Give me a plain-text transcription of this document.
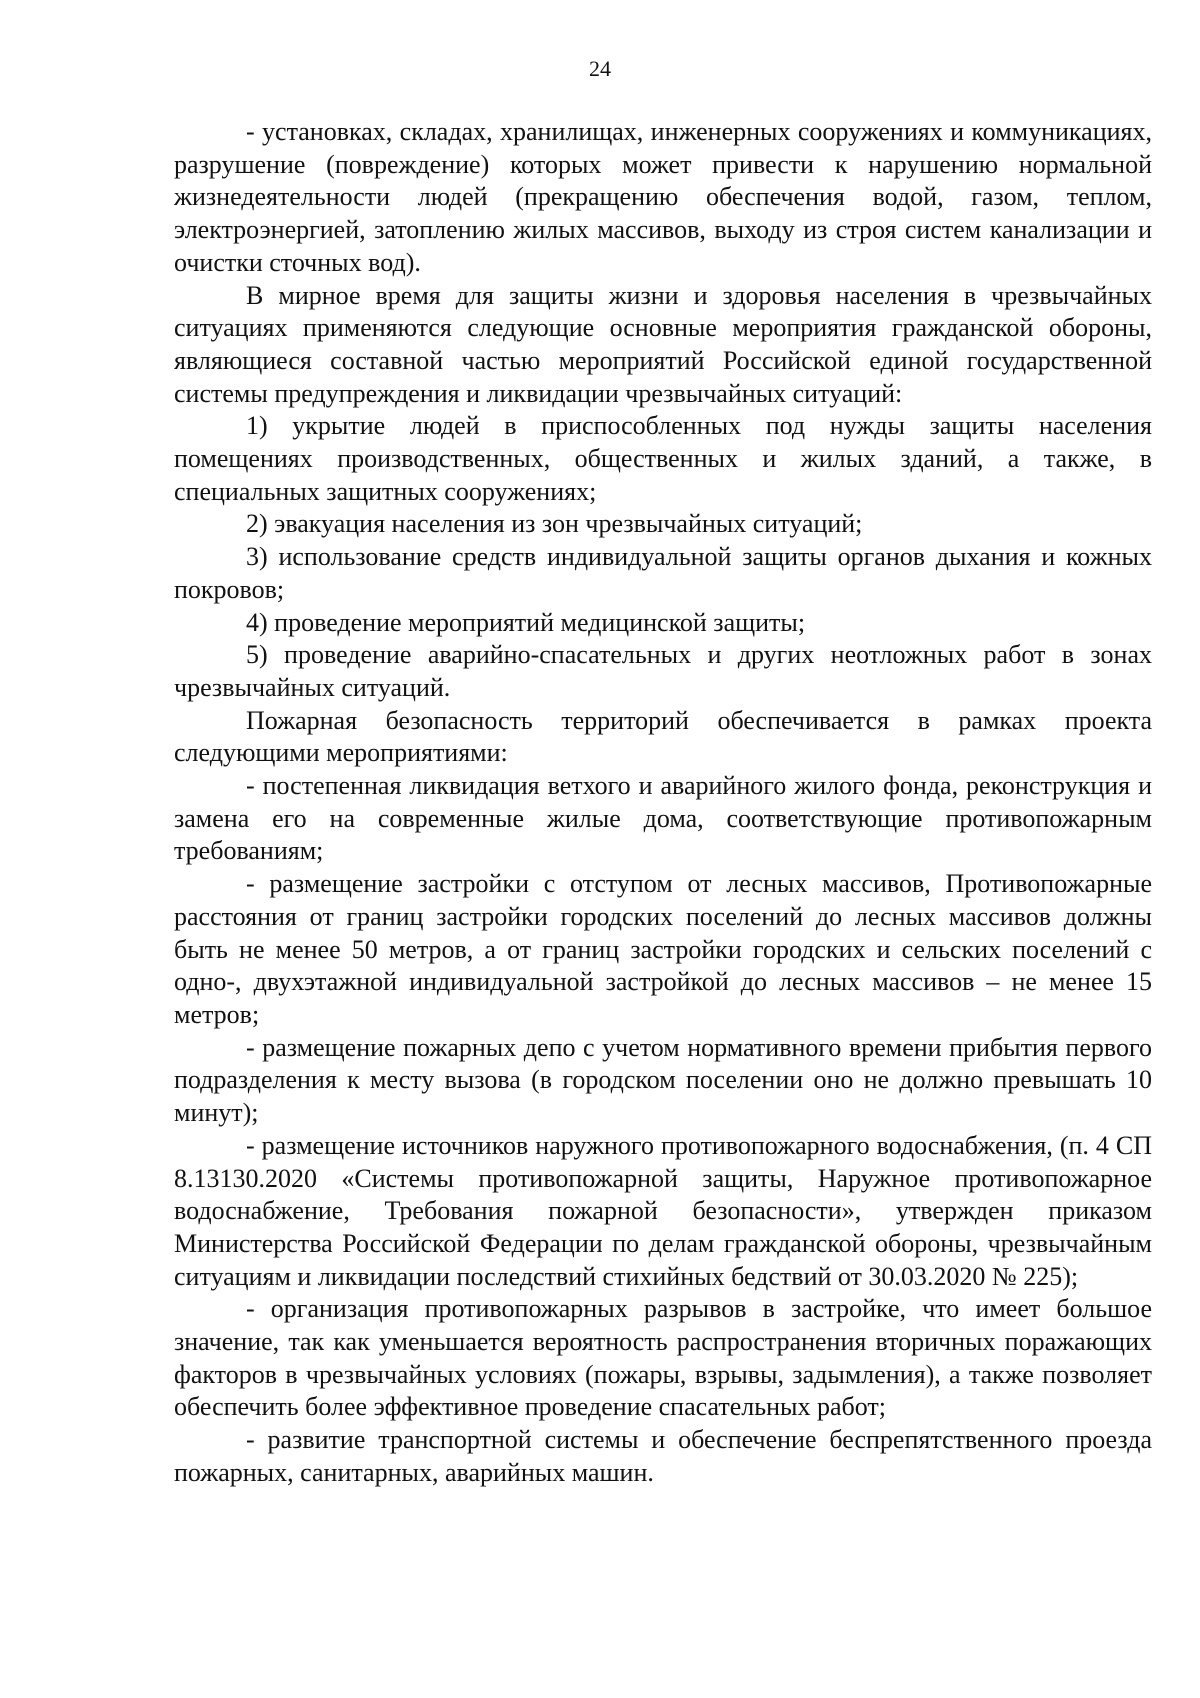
24

- установках, складах, хранилищах, инженерных сооружениях и коммуникациях, разрушение (повреждение) которых может привести к нарушению нормальной жизнедеятельности людей (прекращению обеспечения водой, газом, теплом, электроэнергией, затоплению жилых массивов, выходу из строя систем канализации и очистки сточных вод).

В мирное время для защиты жизни и здоровья населения в чрезвычайных ситуациях применяются следующие основные мероприятия гражданской обороны, являющиеся составной частью мероприятий Российской единой государственной системы предупреждения и ликвидации чрезвычайных ситуаций:

1) укрытие людей в приспособленных под нужды защиты населения помещениях производственных, общественных и жилых зданий, а также, в специальных защитных сооружениях;

2) эвакуация населения из зон чрезвычайных ситуаций;

3) использование средств индивидуальной защиты органов дыхания и кожных покровов;

4) проведение мероприятий медицинской защиты;

5) проведение аварийно-спасательных и других неотложных работ в зонах чрезвычайных ситуаций.

Пожарная безопасность территорий обеспечивается в рамках проекта следующими мероприятиями:

- постепенная ликвидация ветхого и аварийного жилого фонда, реконструкция и замена его на современные жилые дома, соответствующие противопожарным требованиям;

- размещение застройки с отступом от лесных массивов, Противопожарные расстояния от границ застройки городских поселений до лесных массивов должны быть не менее 50 метров, а от границ застройки городских и сельских поселений с одно-, двухэтажной индивидуальной застройкой до лесных массивов – не менее 15 метров;

- размещение пожарных депо с учетом нормативного времени прибытия первого подразделения к месту вызова (в городском поселении оно не должно превышать 10 минут);

- размещение источников наружного противопожарного водоснабжения, (п. 4 СП 8.13130.2020 «Системы противопожарной защиты, Наружное противопожарное водоснабжение, Требования пожарной безопасности», утвержден приказом Министерства Российской Федерации по делам гражданской обороны, чрезвычайным ситуациям и ликвидации последствий стихийных бедствий от 30.03.2020 № 225);

- организация противопожарных разрывов в застройке, что имеет большое значение, так как уменьшается вероятность распространения вторичных поражающих факторов в чрезвычайных условиях (пожары, взрывы, задымления), а также позволяет обеспечить более эффективное проведение спасательных работ;

- развитие транспортной системы и обеспечение беспрепятственного проезда пожарных, санитарных, аварийных машин.
